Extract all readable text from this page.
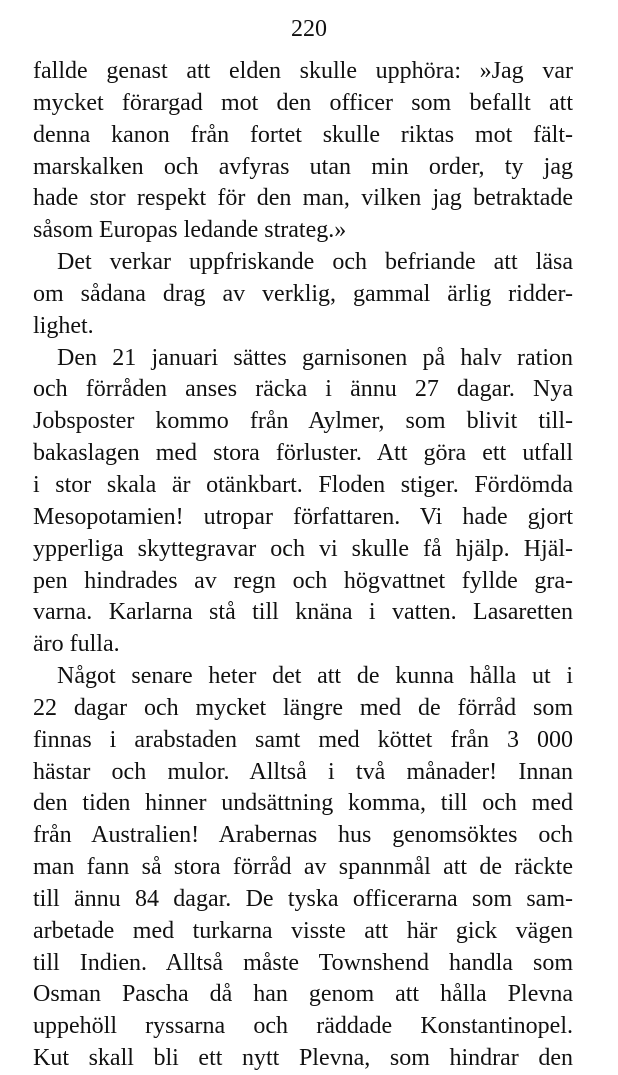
220
fallde genast att elden skulle upphöra: »Jag var
mycket förargad mot den officer som befallt att
denna kanon från fortet skulle riktas mot fält-
marskalken och avfyras utan min order, ty jag
hade stor respekt för den man, vilken jag betraktade
såsom Europas ledande strateg.»
Det verkar uppfriskande och befriande att läsa
om sådana drag av verklig, gammal ärlig ridder-
lighet.
Den 21 januari sättes garnisonen på halv ration
och förråden anses räcka i ännu 27 dagar. Nya
Jobsposter kommo från Aylmer, som blivit till-
bakaslagen med stora förluster. Att göra ett utfall
i stor skala är otänkbart. Floden stiger. Fördömda
Mesopotamien! utropar författaren. Vi hade gjort
ypperliga skyttegravar och vi skulle få hjälp. Hjäl-
pen hindrades av regn och högvattnet fyllde gra-
varna. Karlarna stå till knäna i vatten. Lasaretten
äro fulla.
Något senare heter det att de kunna hålla ut i
22 dagar och mycket längre med de förråd som
finnas i arabstaden samt med köttet från 3 000
hästar och mulor. Alltså i två månader! Innan
den tiden hinner undsättning komma, till och med
från Australien! Arabernas hus genomsöktes och
man fann så stora förråd av spannmål att de räckte
till ännu 84 dagar. De tyska officerarna som sam-
arbetade med turkarna visste att här gick vägen
till Indien. Alltså måste Townshend handla som
Osman Pascha då han genom att hålla Plevna
uppehöll ryssarna och räddade Konstantinopel.
Kut skall bli ett nytt Plevna, som hindrar den
